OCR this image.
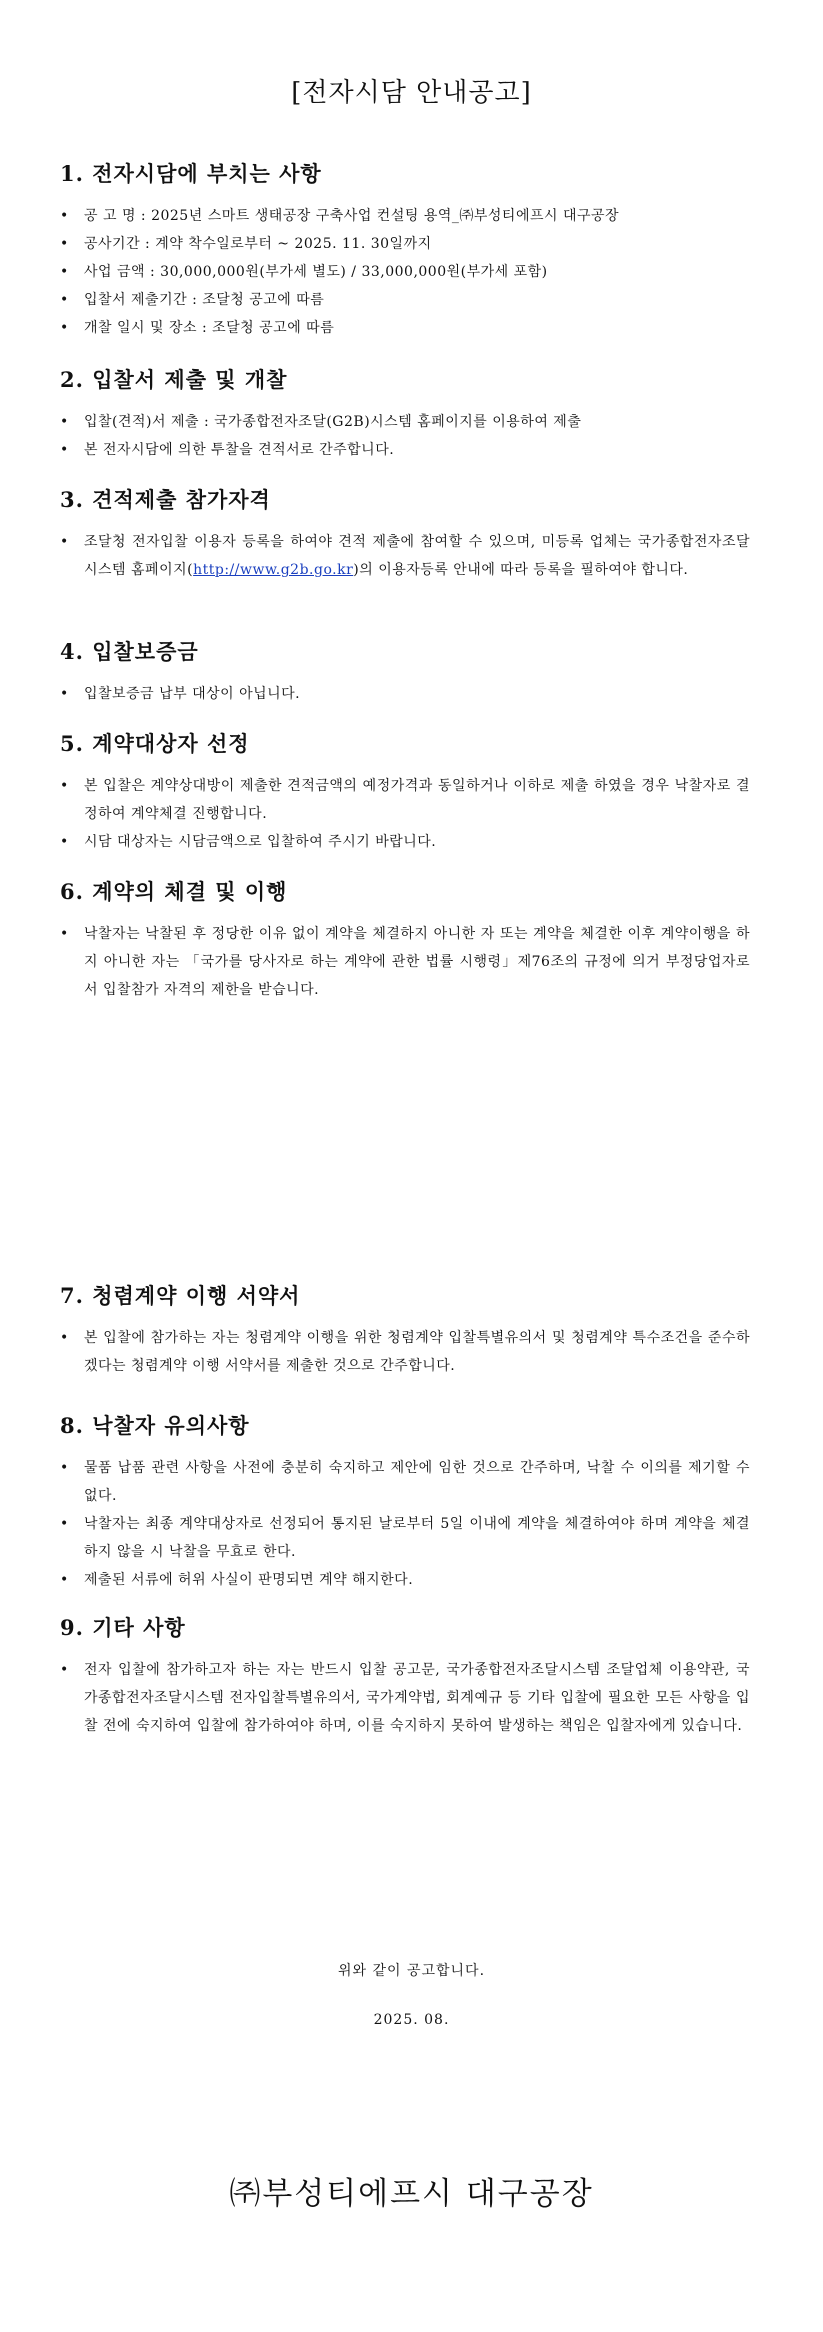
[전자시담 안내공고]
1. 전자시담에 부치는 사항
• 공 고 명 : 2025년 스마트 생태공장 구축사업 컨설팅 용역_㈜부성티에프시 대구공장
• 공사기간 : 계약 착수일로부터 ~ 2025. 11. 30일까지
• 사업 금액 : 30,000,000원(부가세 별도) / 33,000,000원(부가세 포함)
• 입찰서 제출기간 : 조달청 공고에 따름
• 개찰 일시 및 장소 : 조달청 공고에 따름
2. 입찰서 제출 및 개찰
• 입찰(견적)서 제출 : 국가종합전자조달(G2B)시스템 홈페이지를 이용하여 제출
• 본 전자시담에 의한 투찰을 견적서로 간주합니다.
3. 견적제출 참가자격
• 조달청 전자입찰 이용자 등록을 하여야 견적 제출에 참여할 수 있으며, 미등록 업체는 국가종합전자조달시스템 홈페이지(http://www.g2b.go.kr)의 이용자등록 안내에 따라 등록을 필하여야 합니다.
4. 입찰보증금
• 입찰보증금 납부 대상이 아닙니다.
5. 계약대상자 선정
• 본 입찰은 계약상대방이 제출한 견적금액의 예정가격과 동일하거나 이하로 제출 하였을 경우 낙찰자로 결정하여 계약체결 진행합니다.
• 시담 대상자는 시담금액으로 입찰하여 주시기 바랍니다.
6. 계약의 체결 및 이행
• 낙찰자는 낙찰된 후 정당한 이유 없이 계약을 체결하지 아니한 자 또는 계약을 체결한 이후 계약이행을 하지 아니한 자는 「국가를 당사자로 하는 계약에 관한 법률 시행령」제76조의 규정에 의거 부정당업자로서 입찰참가 자격의 제한을 받습니다.
7. 청렴계약 이행 서약서
• 본 입찰에 참가하는 자는 청렴계약 이행을 위한 청렴계약 입찰특별유의서 및 청렴계약 특수조건을 준수하겠다는 청렴계약 이행 서약서를 제출한 것으로 간주합니다.
8. 낙찰자 유의사항
• 물품 납품 관련 사항을 사전에 충분히 숙지하고 제안에 임한 것으로 간주하며, 낙찰 수 이의를 제기할 수 없다.
• 낙찰자는 최종 계약대상자로 선정되어 통지된 날로부터 5일 이내에 계약을 체결하여야 하며 계약을 체결하지 않을 시 낙찰을 무효로 한다.
• 제출된 서류에 허위 사실이 판명되면 계약 해지한다.
9. 기타 사항
• 전자 입찰에 참가하고자 하는 자는 반드시 입찰 공고문, 국가종합전자조달시스템 조달업체 이용약관, 국가종합전자조달시스템 전자입찰특별유의서, 국가계약법, 회계예규 등 기타 입찰에 필요한 모든 사항을 입찰 전에 숙지하여 입찰에 참가하여야 하며, 이를 숙지하지 못하여 발생하는 책임은 입찰자에게 있습니다.
위와 같이 공고합니다.
2025. 08.
㈜부성티에프시 대구공장
